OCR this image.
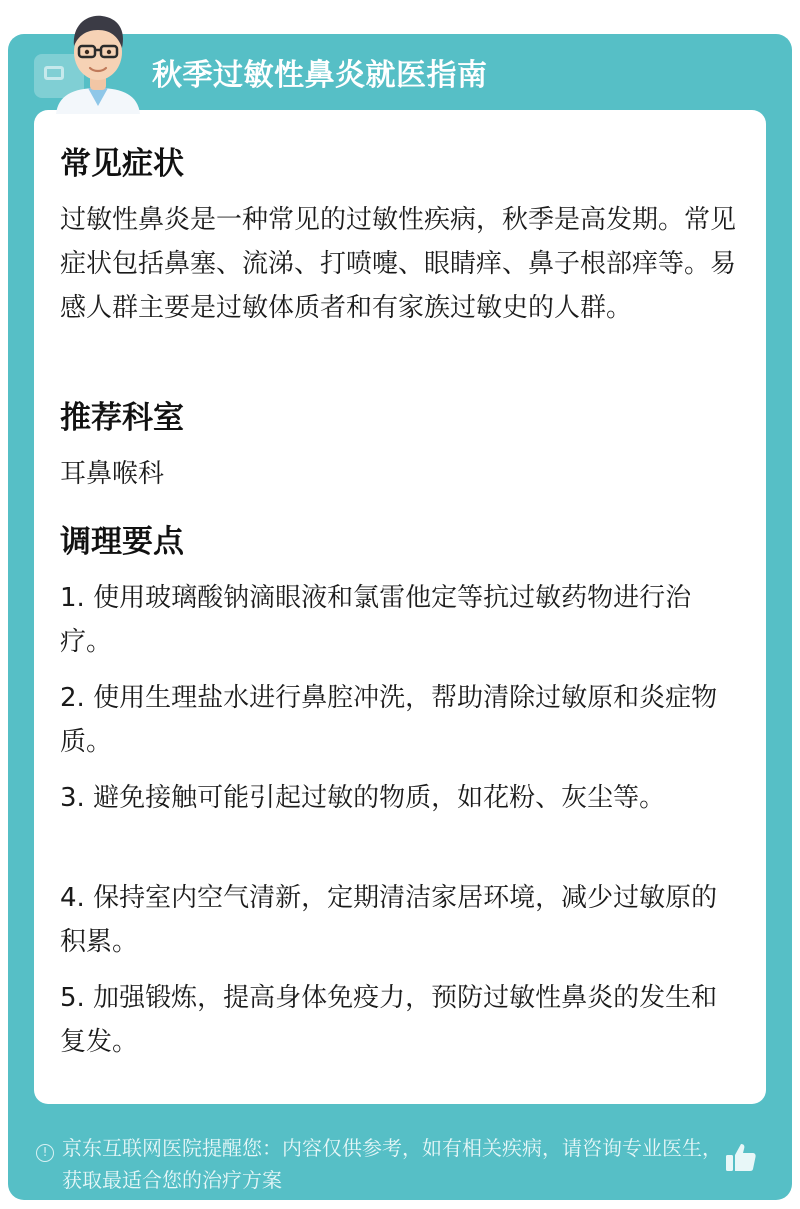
秋季过敏性鼻炎就医指南
常见症状

过敏性鼻炎是一种常见的过敏性疾病，秋季是高发期。常见症状包括鼻塞、流涕、打喷嚏、眼睛痒、鼻子根部痒等。易感人群主要是过敏体质者和有家族过敏史的人群。

推荐科室

耳鼻喉科

调理要点

1. 使用玻璃酸钠滴眼液和氯雷他定等抗过敏药物进行治疗。

2. 使用生理盐水进行鼻腔冲洗，帮助清除过敏原和炎症物质。

3. 避免接触可能引起过敏的物质，如花粉、灰尘等。

4. 保持室内空气清新，定期清洁家居环境，减少过敏原的积累。

5. 加强锻炼，提高身体免疫力，预防过敏性鼻炎的发生和复发。

! 京东互联网医院提醒您：内容仅供参考，如有相关疾病，请咨询专业医生，获取最适合您的治疗方案
